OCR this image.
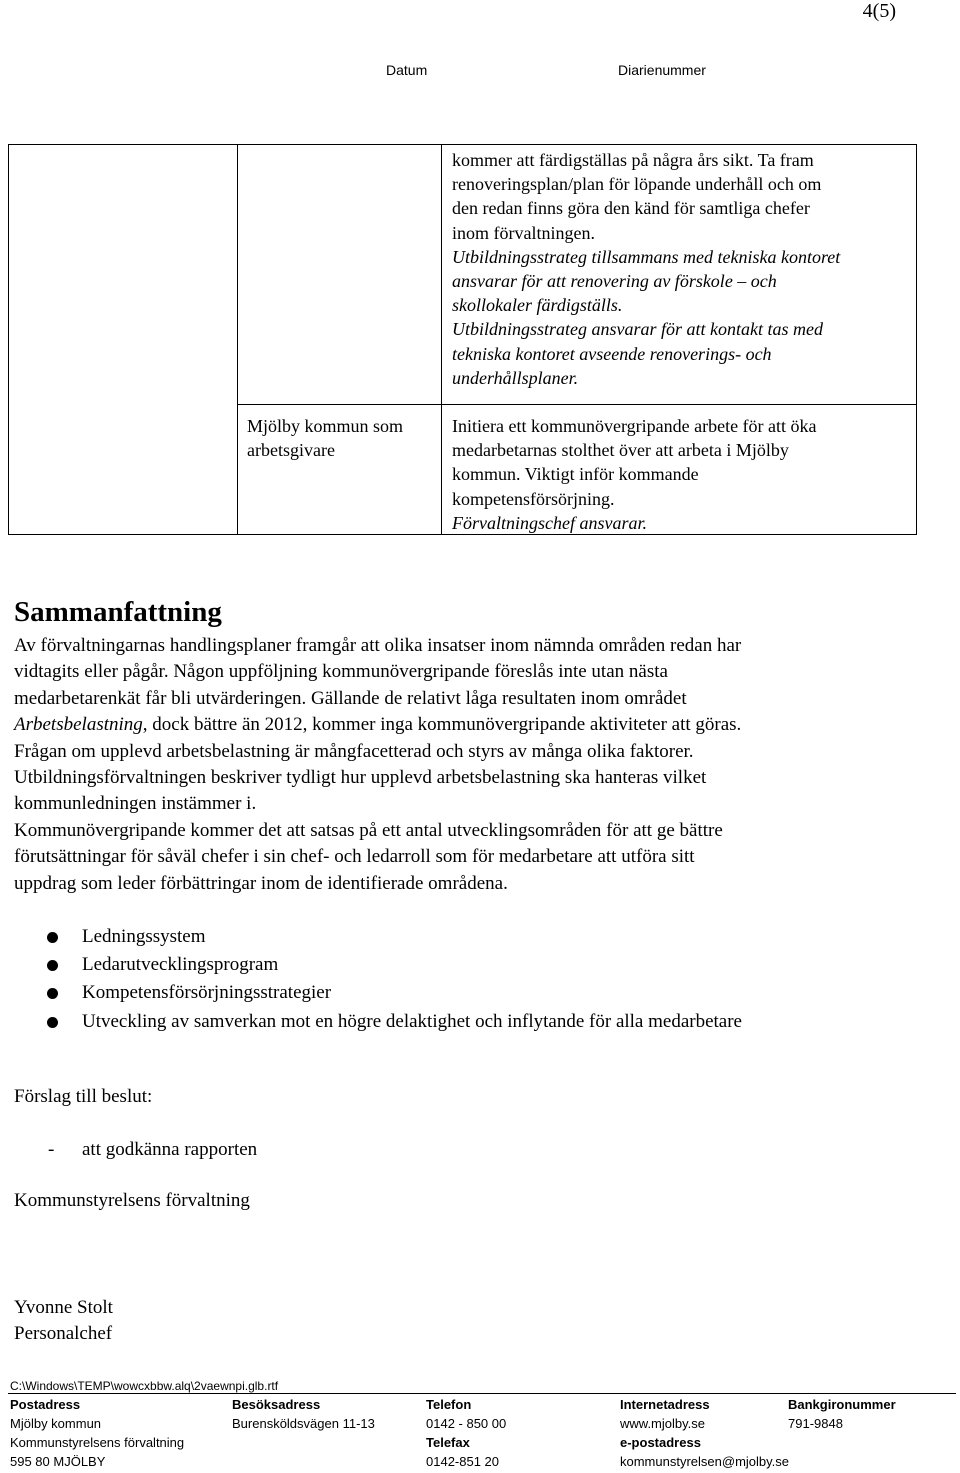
4(5)
Datum	Diarienummer

kommer att färdigställas på några års sikt. Ta fram

renoveringsplan/plan för löpande underhåll och om

den redan finns göra den känd för samtliga chefer

inom förvaltningen.

Utbildningsstrateg tillsammans med tekniska kontoret

ansvarar för att renovering av förskole – och

skollokaler färdigställs.

Utbildningsstrateg ansvarar för att kontakt tas med

tekniska kontoret avseende renoverings- och

underhållsplaner.

Mjölby kommun som

arbetsgivare

Initiera ett kommunövergripande arbete för att öka

medarbetarnas stolthet över att arbeta i Mjölby

kommun. Viktigt inför kommande

kompetensförsörjning.

Förvaltningschef ansvarar.

Sammanfattning

Av förvaltningarnas handlingsplaner framgår att olika insatser inom nämnda områden redan har

vidtagits eller pågår. Någon uppföljning kommunövergripande föreslås inte utan nästa

medarbetarenkät får bli utvärderingen. Gällande de relativt låga resultaten inom området

Arbetsbelastning, dock bättre än 2012, kommer inga kommunövergripande aktiviteter att göras.

Frågan om upplevd arbetsbelastning är mångfacetterad och styrs av många olika faktorer.

Utbildningsförvaltningen beskriver tydligt hur upplevd arbetsbelastning ska hanteras vilket

kommunledningen instämmer i.

Kommunövergripande kommer det att satsas på ett antal utvecklingsområden för att ge bättre

förutsättningar för såväl chefer i sin chef- och ledarroll som för medarbetare att utföra sitt

uppdrag som leder förbättringar inom de identifierade områdena.

Ledningssystem
Ledarutvecklingsprogram
Kompetensförsörjningsstrategier
Utveckling av samverkan mot en högre delaktighet och inflytande för alla medarbetare
Förslag till beslut:
- att godkänna rapporten
Kommunstyrelsens förvaltning
Yvonne Stolt
Personalchef
C:\Windows\TEMP\wowcxbbw.alq\2vaewnpi.glb.rtf
Postadress
Mjölby kommun
Kommunstyrelsens förvaltning
595 80 MJÖLBY
Besöksadress
Burensköldsvägen 11-13
Telefon
0142 - 850 00
Telefax
0142-851 20
Internetadress
www.mjolby.se
e-postadress
kommunstyrelsen@mjolby.se
Bankgironummer
791-9848
